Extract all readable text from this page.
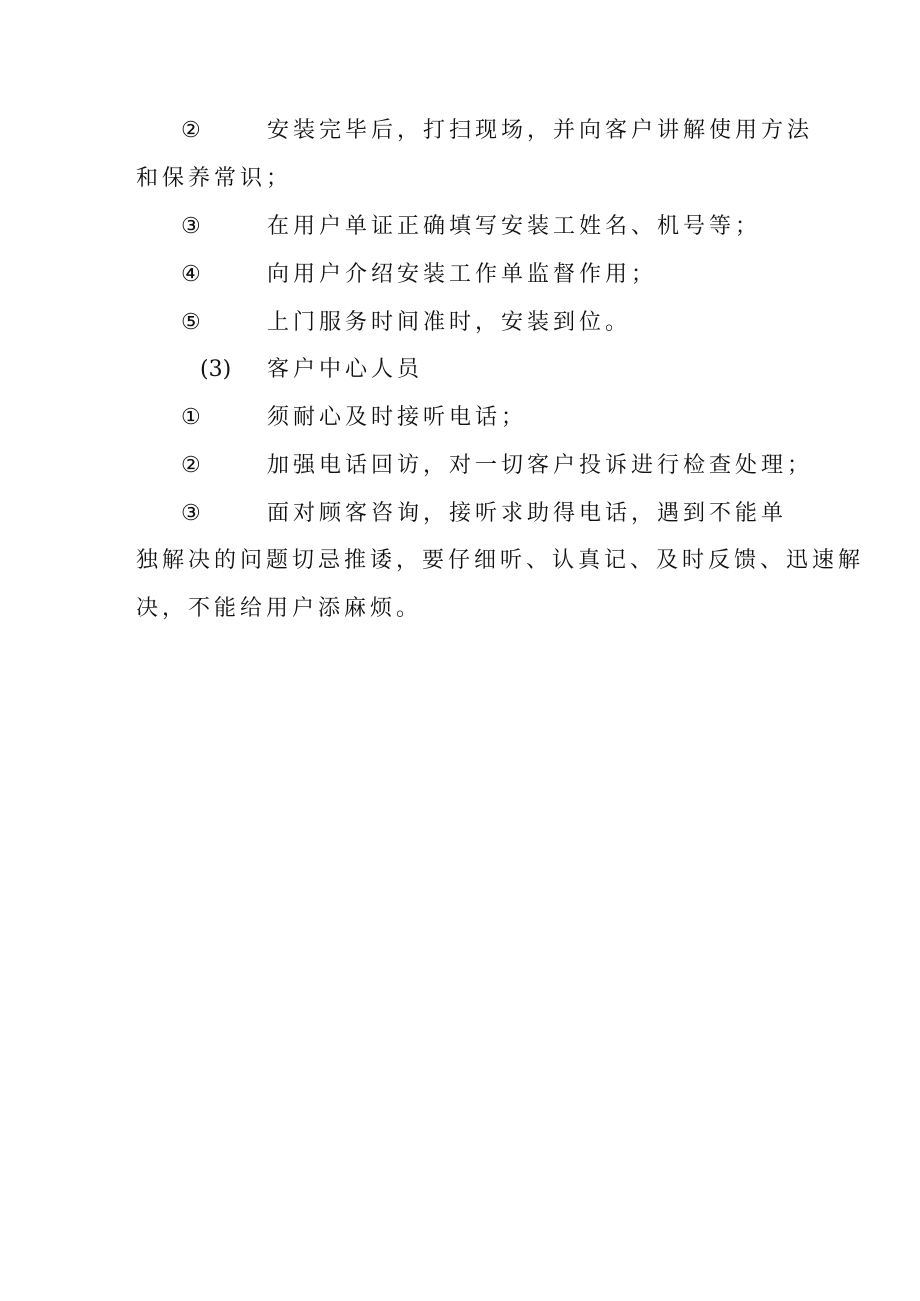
②	安装完毕后，打扫现场，并向客户讲解使用方法
和保养常识；
③	在用户单证正确填写安装工姓名、机号等；
④	向用户介绍安装工作单监督作用；
⑤	上门服务时间准时，安装到位。
(3) 客户中心人员
①	须耐心及时接听电话；
②	加强电话回访，对一切客户投诉进行检查处理；
③	面对顾客咨询，接听求助得电话，遇到不能单
独解决的问题切忌推诿，要仔细听、认真记、及时反馈、迅速解
决，不能给用户添麻烦。
